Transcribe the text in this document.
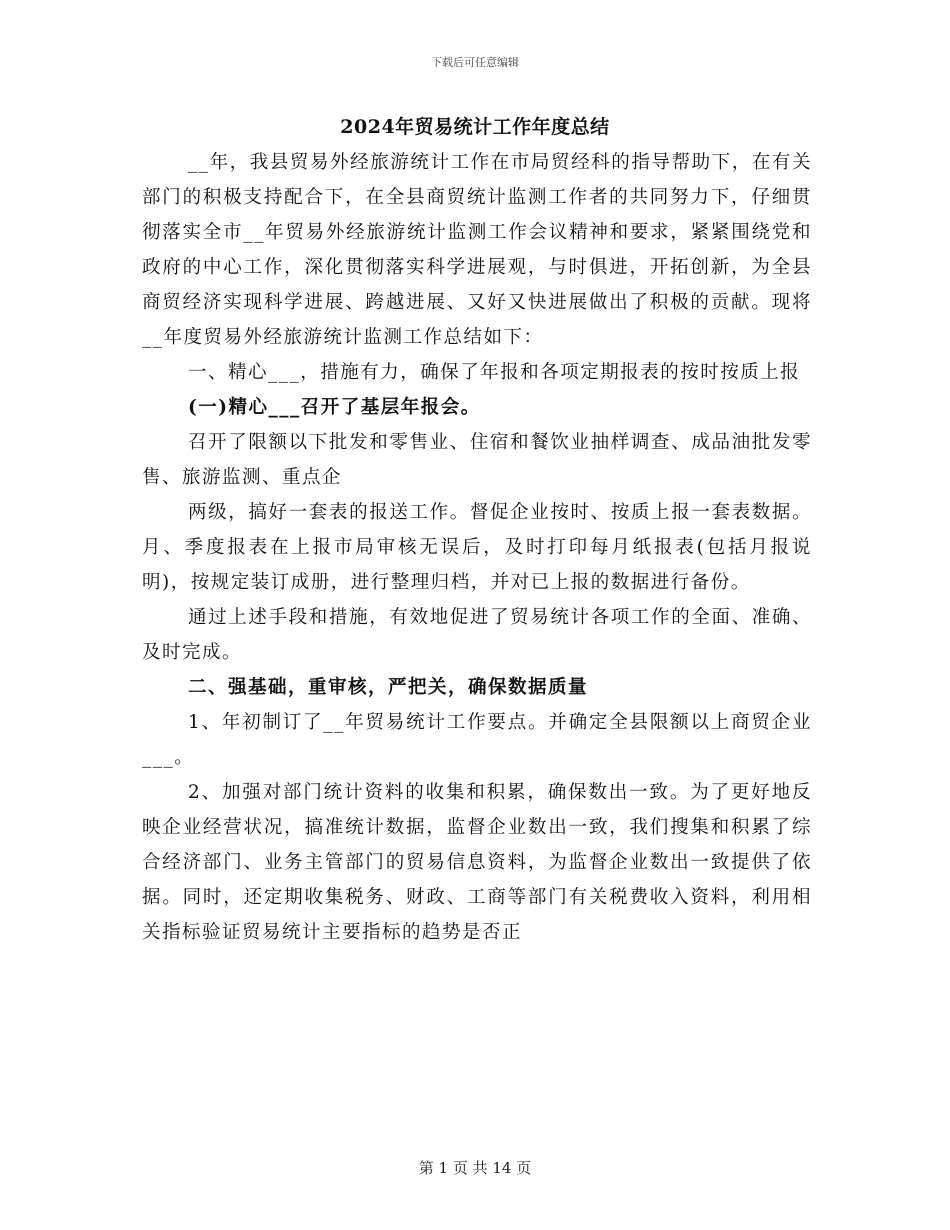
下载后可任意编辑
2024年贸易统计工作年度总结

__年，我县贸易外经旅游统计工作在市局贸经科的指导帮助下，在有关部门的积极支持配合下，在全县商贸统计监测工作者的共同努力下，仔细贯彻落实全市__年贸易外经旅游统计监测工作会议精神和要求，紧紧围绕党和政府的中心工作，深化贯彻落实科学进展观，与时俱进，开拓创新，为全县商贸经济实现科学进展、跨越进展、又好又快进展做出了积极的贡献。现将__年度贸易外经旅游统计监测工作总结如下：

一、精心___，措施有力，确保了年报和各项定期报表的按时按质上报

(一)精心___召开了基层年报会。

召开了限额以下批发和零售业、住宿和餐饮业抽样调查、成品油批发零售、旅游监测、重点企

两级，搞好一套表的报送工作。督促企业按时、按质上报一套表数据。月、季度报表在上报市局审核无误后，及时打印每月纸报表(包括月报说明)，按规定装订成册，进行整理归档，并对已上报的数据进行备份。

通过上述手段和措施，有效地促进了贸易统计各项工作的全面、准确、及时完成。

二、强基础，重审核，严把关，确保数据质量

1、年初制订了__年贸易统计工作要点。并确定全县限额以上商贸企业___。

2、加强对部门统计资料的收集和积累，确保数出一致。为了更好地反映企业经营状况，搞准统计数据，监督企业数出一致，我们搜集和积累了综合经济部门、业务主管部门的贸易信息资料，为监督企业数出一致提供了依据。同时，还定期收集税务、财政、工商等部门有关税费收入资料，利用相关指标验证贸易统计主要指标的趋势是否正

第 1 页 共 14 页
